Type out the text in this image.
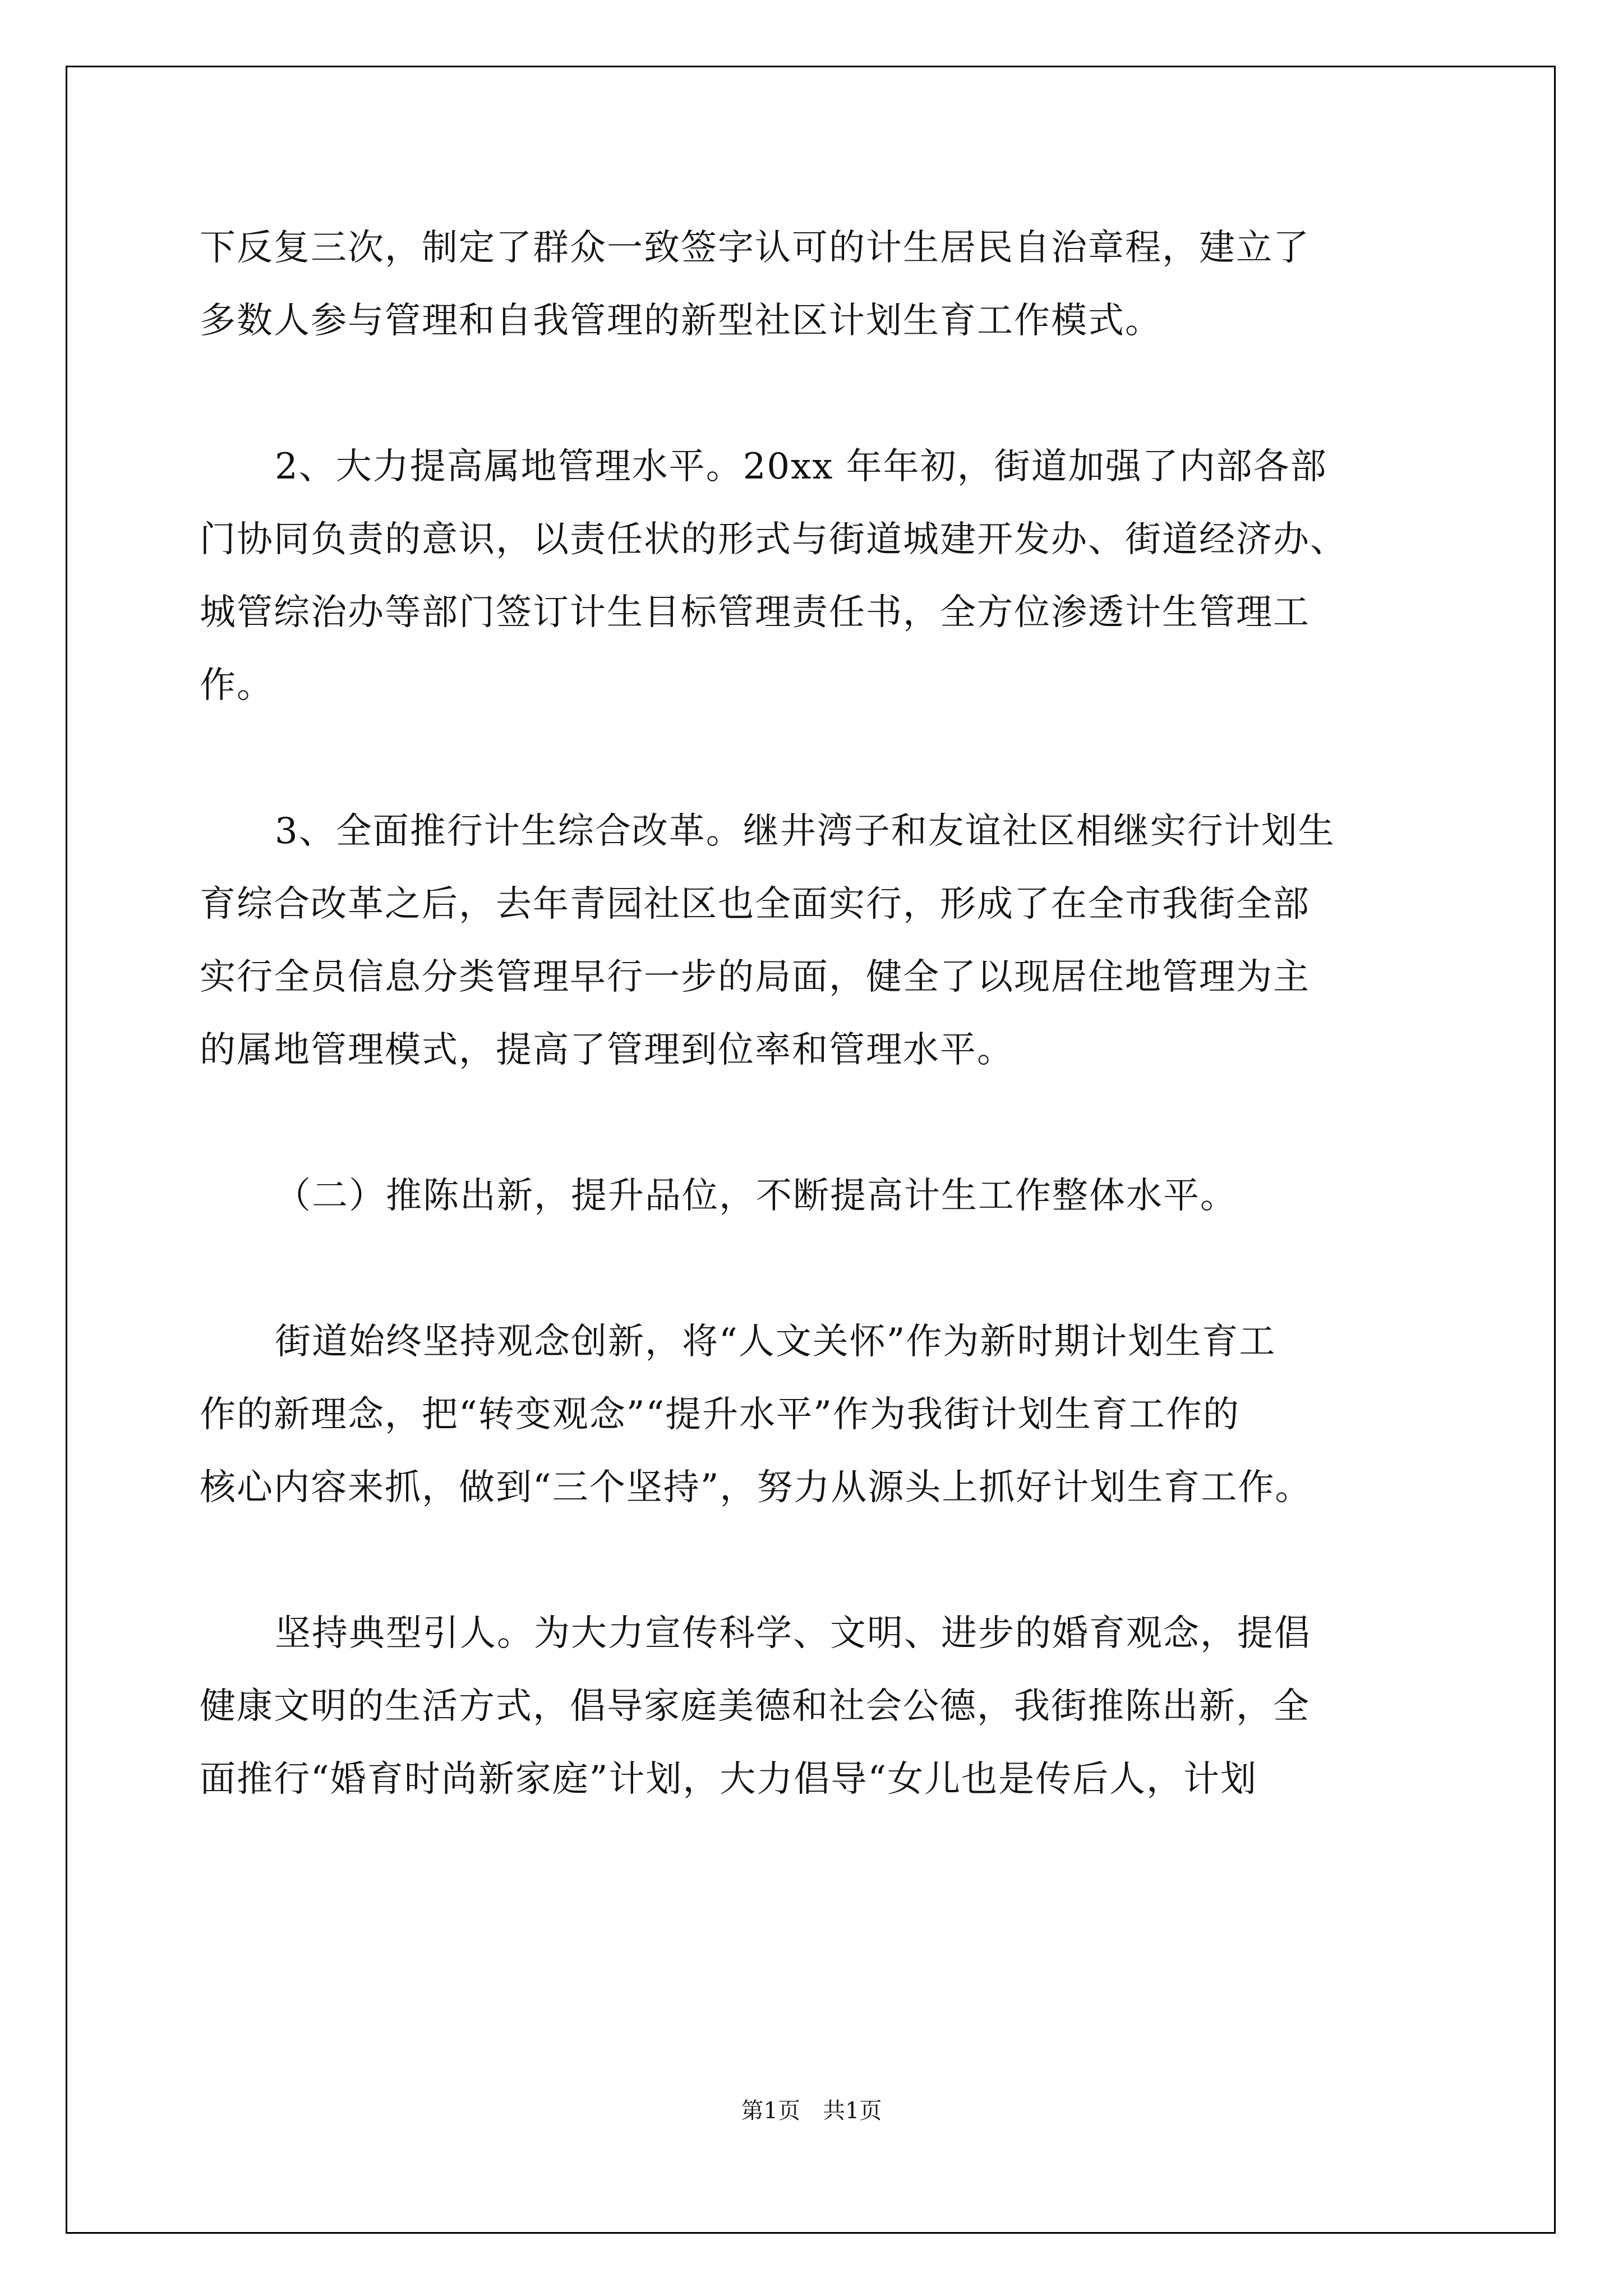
下反复三次，制定了群众一致签字认可的计生居民自治章程，建立了
多数人参与管理和自我管理的新型社区计划生育工作模式。
2、大力提高属地管理水平。20xx 年年初，街道加强了内部各部
门协同负责的意识，以责任状的形式与街道城建开发办、街道经济办、
城管综治办等部门签订计生目标管理责任书，全方位渗透计生管理工
作。
3、全面推行计生综合改革。继井湾子和友谊社区相继实行计划生
育综合改革之后，去年青园社区也全面实行，形成了在全市我街全部
实行全员信息分类管理早行一步的局面，健全了以现居住地管理为主
的属地管理模式，提高了管理到位率和管理水平。
（二）推陈出新，提升品位，不断提高计生工作整体水平。
街道始终坚持观念创新，将“人文关怀”作为新时期计划生育工
作的新理念，把“转变观念”“提升水平”作为我街计划生育工作的
核心内容来抓，做到“三个坚持”，努力从源头上抓好计划生育工作。
坚持典型引人。为大力宣传科学、文明、进步的婚育观念，提倡
健康文明的生活方式，倡导家庭美德和社会公德，我街推陈出新，全
面推行“婚育时尚新家庭”计划，大力倡导“女儿也是传后人，计划
第1页 共1页
